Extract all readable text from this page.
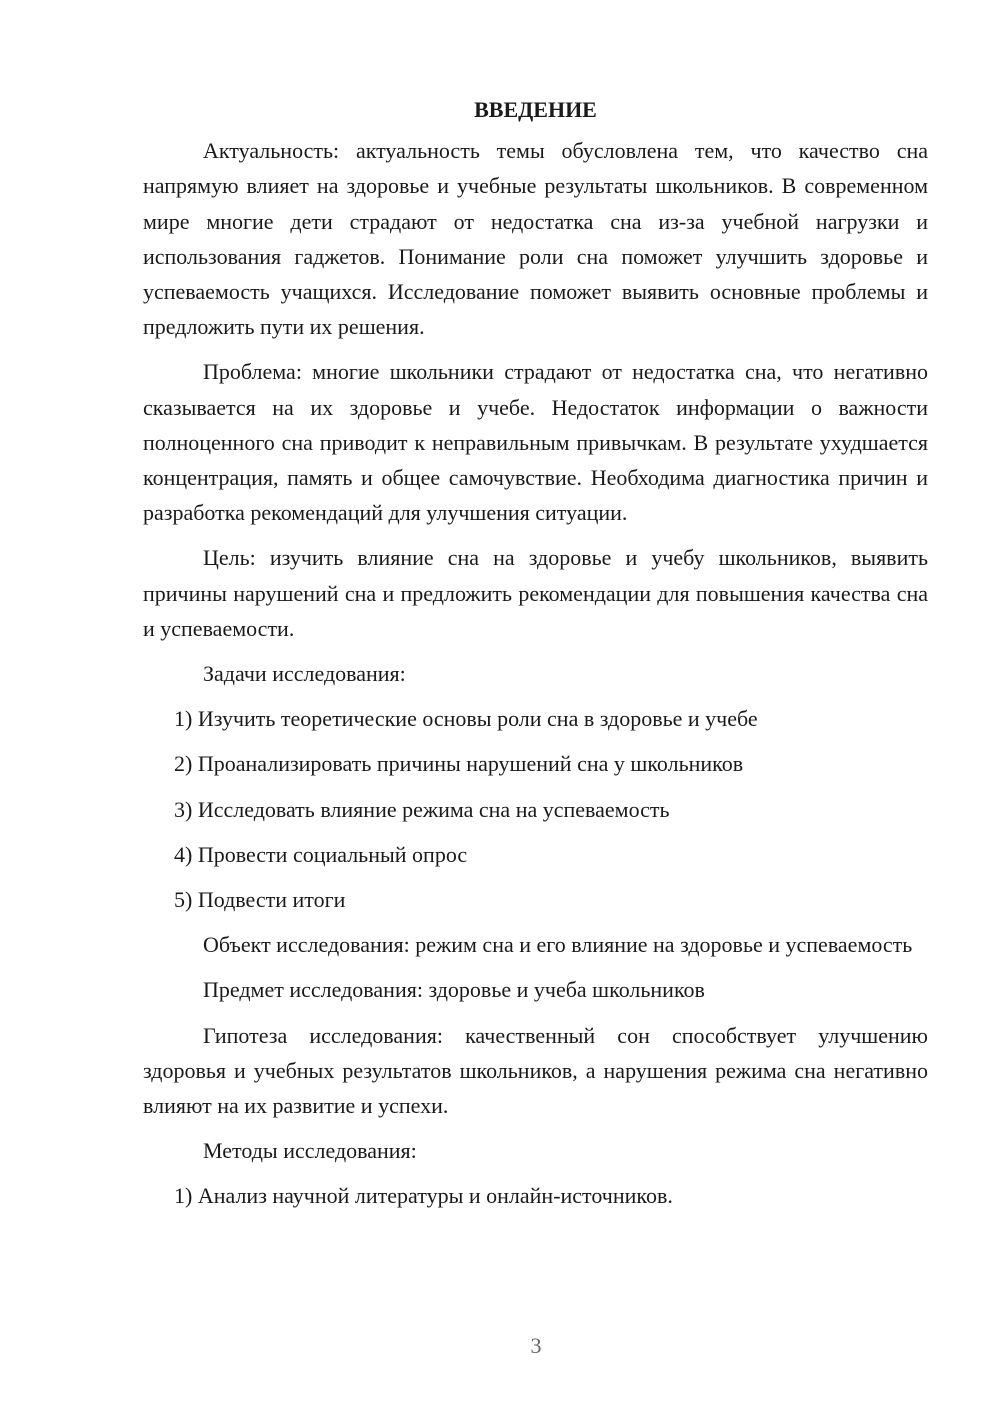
ВВЕДЕНИЕ

Актуальность: актуальность темы обусловлена тем, что качество сна напрямую влияет на здоровье и учебные результаты школьников. В современном мире многие дети страдают от недостатка сна из-за учебной нагрузки и использования гаджетов. Понимание роли сна поможет улучшить здоровье и успеваемость учащихся. Исследование поможет выявить основные проблемы и предложить пути их решения.

Проблема: многие школьники страдают от недостатка сна, что негативно сказывается на их здоровье и учебе. Недостаток информации о важности полноценного сна приводит к неправильным привычкам. В результате ухудшается концентрация, память и общее самочувствие. Необходима диагностика причин и разработка рекомендаций для улучшения ситуации.

Цель: изучить влияние сна на здоровье и учебу школьников, выявить причины нарушений сна и предложить рекомендации для повышения качества сна и успеваемости.

Задачи исследования:

1) Изучить теоретические основы роли сна в здоровье и учебе

2) Проанализировать причины нарушений сна у школьников

3) Исследовать влияние режима сна на успеваемость

4) Провести социальный опрос

5) Подвести итоги

Объект исследования: режим сна и его влияние на здоровье и успеваемость

Предмет исследования: здоровье и учеба школьников

Гипотеза исследования: качественный сон способствует улучшению здоровья и учебных результатов школьников, а нарушения режима сна негативно влияют на их развитие и успехи.

Методы исследования:

1) Анализ научной литературы и онлайн-источников.

3
